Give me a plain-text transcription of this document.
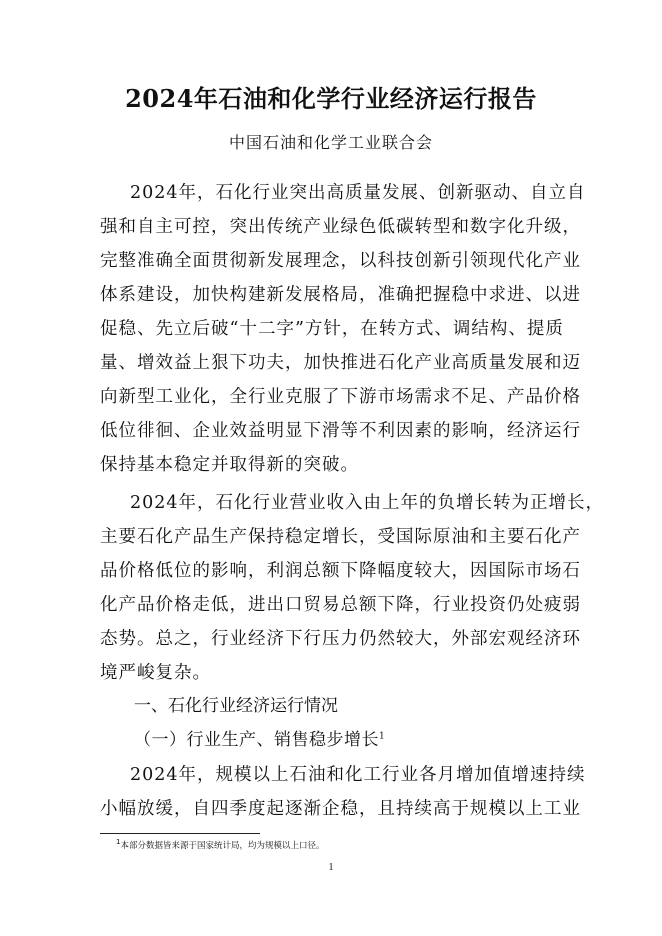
2024年石油和化学行业经济运行报告
中国石油和化学工业联合会
2024年，石化行业突出高质量发展、创新驱动、自立自
强和自主可控，突出传统产业绿色低碳转型和数字化升级，
完整准确全面贯彻新发展理念，以科技创新引领现代化产业
体系建设，加快构建新发展格局，准确把握稳中求进、以进
促稳、先立后破“十二字”方针，在转方式、调结构、提质
量、增效益上狠下功夫，加快推进石化产业高质量发展和迈
向新型工业化，全行业克服了下游市场需求不足、产品价格
低位徘徊、企业效益明显下滑等不利因素的影响，经济运行
保持基本稳定并取得新的突破。
2024年，石化行业营业收入由上年的负增长转为正增长，
主要石化产品生产保持稳定增长，受国际原油和主要石化产
品价格低位的影响，利润总额下降幅度较大，因国际市场石
化产品价格走低，进出口贸易总额下降，行业投资仍处疲弱
态势。总之，行业经济下行压力仍然较大，外部宏观经济环
境严峻复杂。
一、石化行业经济运行情况
（一）行业生产、销售稳步增长$^1$
2024年，规模以上石油和化工行业各月增加值增速持续
小幅放缓，自四季度起逐渐企稳，且持续高于规模以上工业
$^1$本部分数据皆来源于国家统计局，均为规模以上口径。
1
